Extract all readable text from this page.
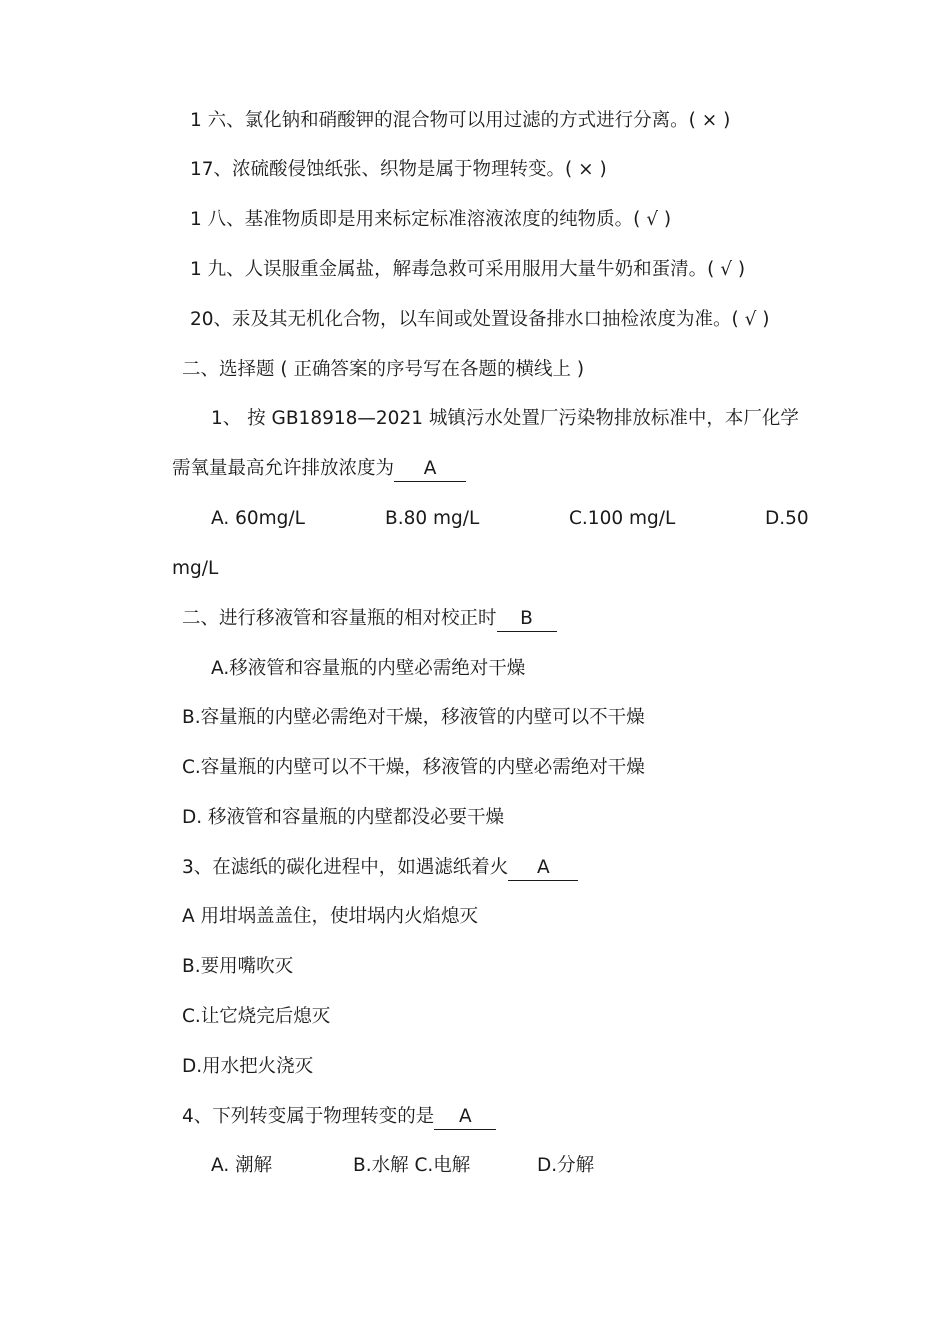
1 六、氯化钠和硝酸钾的混合物可以用过滤的方式进行分离。( × )
17、浓硫酸侵蚀纸张、织物是属于物理转变。( × )
1 八、基准物质即是用来标定标准溶液浓度的纯物质。( √ )
1 九、人误服重金属盐，解毒急救可采用服用大量牛奶和蛋清。( √ )
20、汞及其无机化合物，以车间或处置设备排水口抽检浓度为准。( √ )
二、选择题 ( 正确答案的序号写在各题的横线上 )
1、 按 GB18918—2021 城镇污水处置厂污染物排放标准中，本厂化学
需氧量最高允许排放浓度为 A
A. 60mg/L	B.80 mg/L	C.100 mg/L	D.50
mg/L
二、进行移液管和容量瓶的相对校正时 B
A.移液管和容量瓶的内壁必需绝对干燥
B.容量瓶的内壁必需绝对干燥，移液管的内壁可以不干燥
C.容量瓶的内壁可以不干燥，移液管的内壁必需绝对干燥
D. 移液管和容量瓶的内壁都没必要干燥
3、在滤纸的碳化进程中，如遇滤纸着火 A
A 用坩埚盖盖住，使坩埚内火焰熄灭
B.要用嘴吹灭
C.让它烧完后熄灭
D.用水把火浇灭
4、下列转变属于物理转变的是 A
A. 潮解	B.水解 C.电解	D.分解
